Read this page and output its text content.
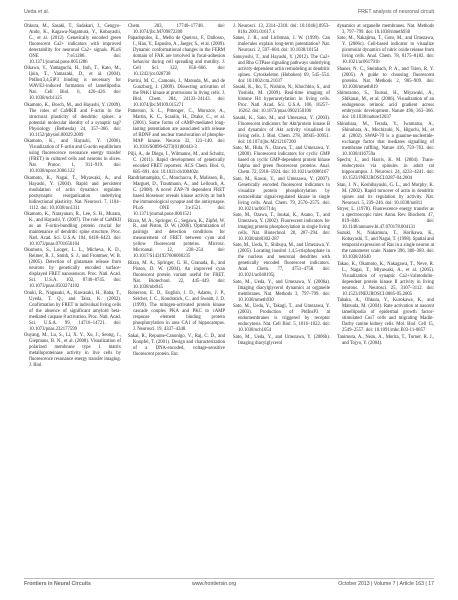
Ueda et al.	FRET analysis of neuronal circuit

Ohkura, M., Sasaki, T., Sadakari, J., Gengyo-Ando, K., Kagawa-Nagamura, Y., Kobayashi, C., et al. (2012). Genetically encoded green fluorescent Ca2+ indicators with improved detectability for neuronal Ca2+ signals. PLoS ONE 7:e51286. doi: 10.1371/journal.pone.0051286

Oikawa, Y., Yamaguchi, H., Itoh, T., Kato, M., Ijuin, T., Yamazaki, D., et al. (2004). PtdIns(3,4,5)P3 binding is necessary for WAVE2-induced formation of lamellipodia. Nat. Cell Biol. 6, 420–426. doi: 10.1038/ncb1125

Okamoto, K., Bosch, M., and Hayashi, Y. (2009). The roles of CaMKII and F-actin in the structural plasticity of dendritic spines: a potential molecular identity of a synaptic tag? Physiology (Bethesda) 24, 357–366. doi: 10.1152/physiol.00029.2009

Okamoto, K., and Hayashi, Y. (2006). Visualization of F-actin and G-actin equilibrium using fluorescence resonance energy transfer (FRET) in cultured cells and neurons in slices. Nat. Protoc. 1, 911–919. doi: 10.1038/nprot.2006.122

Okamoto, K., Nagai, T., Miyawaki, A., and Hayashi, Y. (2004). Rapid and persistent modulation of actin dynamics regulates postsynaptic reorganization underlying bidirectional plasticity. Nat. Neurosci. 7, 1104–1112. doi: 10.1038/nn1311

Okamoto, K., Narayanan, R., Lee, S. H., Murata, K., and Hayashi, Y. (2007). The role of CaMKII as an F-actin-bundling protein crucial for maintenance of dendritic spine structure. Proc. Natl. Acad. Sci. U.S.A. 104, 6418–6423. doi: 10.1073/pnas.0701656104

Okumoto, S., Looger, L. L., Micheva, K. D., Reimer, R. J., Smith, S. J., and Frommer, W. B. (2005). Detection of glutamate release from neurons by genetically encoded surface-displayed FRET nanosensors. Proc. Natl. Acad. Sci. U.S.A. 102, 8740–8745. doi: 10.1073/pnas.0503274102

Onuki, R., Nagasaki, A., Kawasaki, H., Baba, T., Uyeda, T. Q., and Taira, K. (2002). Confirmation by FRET in individual living cells of the absence of significant amyloid beta-mediated caspase 8 activation. Proc. Natl. Acad. Sci. U.S.A. 99, 14716–14721. doi: 10.1073/pnas.232177599

Ouyang, M., Lu, S., Li, X. Y., Xu, J., Seong, J., Giepmans, B. N., et al. (2008). Visualization of polarized membrane type 1 matrix metalloproteinase activity in live cells by fluorescence resonance energy transfer imaging. J. Biol.

Chem. 283, 17740–17748. doi: 10.1074/jbc.M709872200

Papadopulos, E., Mello de Queiroz, F., Dallosso, I., Hao, Y., Esposito, A., Jaeger, S., et al. (2009). Dynamic conformational changes in the FERM domain of FAK are involved in focal-adhesion behavior during cell spreading and motility. J. Cell Sci. 122, 656–666. doi: 10.1242/jcs.028738

Parrini, M. C., Camonis, J., Matsuda, M., and de Gunzburg, J. (2009). Dissecting activation of the PAK1 kinase at protrusions in living cells. J. Biol. Chem. 284, 24133–24143. doi: 10.1074/jbc.M109.015271

Patterson, S. L., Pittenger, C., Morozov, A., Martin, K. C., Scanlin, H., Drake, C., et al. (2001). Some forms of cAMP-mediated long-lasting potentiation are associated with release of BDNF and nuclear translocation of phospho-MAP kinase. Neuron 32, 123–140. doi: 10.1016/S0896-6273(01)00443-3

Pilji, A., de Diego, I., Wilmanns, M., and Schultz, C. (2011). Rapid development of genetically encoded FRET reporters. ACS Chem. Biol. 6, 685–691. doi: 10.1021/cb100402n

Randriamampita, C., Mouchacca, P., Malissen, B., Marguet, D., Trautmann, A., and Lellouch, A. C. (2008). A novel ZAP-70 dependent FRET based biosensor reveals kinase activity at both the immunological synapse and the antisynapse. PLoS ONE 3:e1521. doi: 10.1371/journal.pone.0001521

Rizzo, M. A., Springer, G., Segawa, K., Zipfel, W. R., and Piston, D. W. (2006). Optimization of pairings and detection conditions for measurement of FRET between cyan and yellow fluorescent proteins. Microsc. Microanal. 12, 238–254. doi: 10.1017/S1431927606060235

Rizzo, M. A., Springer, G. H., Granada, B., and Piston, D. W. (2004). An improved cyan fluorescent protein variant useful for FRET. Nat. Biotechnol. 22, 445–449. doi: 10.1038/nbt945

Roberson, E. D., English, J. D., Adams, J. P., Selcher, J. C., Kondratick, C., and Sweatt, J. D. (1999). The mitogen-activated protein kinase cascade couples PKA and PKC to cAMP response element binding protein phosphorylation in area CA1 of hippocampus. J. Neurosci. 19, 4337–4348.

Sakai, R., Repunte-Canonigo, V., Raj, C. D., and Knopfel, T. (2001). Design and characterization of a DNA-encoded, voltage-sensitive fluorescent protein. Eur.

J. Neurosci. 13, 2314–2318. doi: 10.1046/j.0953-816x.2001.01617.x

Sanes, J. R., and Lichtman, J. W. (1999). Can molecules explain long-term potentiation? Nat. Neurosci. 2, 597–604. doi: 10.1038/10154

Sanuyoshi, T., and Hayashi, Y. (2012). The Ca2+ and Rho GTPase signaling pathways underlying activity-dependent actin remodeling at dendritic spines. Cytoskeleton (Hoboken) 69, 545–554. doi: 10.1002/cm.21037

Sasaki, K., Ito, T., Nishino, N., Khochbin, S., and Yoshida, M. (2009). Real-time imaging of histone H4 hyperacetylation in living cells. Proc. Natl. Acad. Sci. U.S.A. 106, 16257–16262. doi: 10.1073/pnas.0902150106

Sasaki, K., Sato, M., and Umezawa, Y. (2003). Fluorescent indicators for Akt/protein kinase B and dynamics of Akt activity visualized in living cells. J. Biol. Chem. 278, 30945–30951. doi: 10.1074/jbc.M212167200

Sato, M., Hida, N., Ozawa, T., and Umezawa, Y. (2000). Fluorescent indicators for cyclic GMP based on cyclic GMP-dependent protein kinase Ialpha and green fluorescent proteins. Anal. Chem. 72, 5918–5924. doi: 10.1021/ac0006167

Sato, M., Kawai, Y., and Umezawa, Y. (2007). Genetically encoded fluorescent indicators to visualize protein phosphorylation by extracellular signal-regulated kinase in single living cells. Anal. Chem. 79, 2570–2575. doi: 10.1021/ac061714q

Sato, M., Ozawa, T., Inukai, K., Asano, T., and Umezawa, Y. (2002). Fluorescent indicators for imaging protein phosphorylation in single living cells. Nat. Biotechnol. 20, 287–294. doi: 10.1038/nbt0302-287

Sato, M., Ueda, Y., Shibuya, M., and Umezawa, Y. (2005). Locating inositol 1,4,5-trisphosphate in the nucleus and neuronal dendrites with genetically encoded fluorescent indicators. Anal. Chem. 77, 4751–4758. doi: 10.1021/ac040195j

Sato, M., Ueda, Y., and Umezawa, Y. (2006a). Imaging diacylglycerol dynamics at organelle membranes. Nat. Methods 3, 797–799. doi: 10.1038/nmeth930

Sato, M., Ueda, Y., Takagi, T., and Umezawa, Y. (2003). Production of PtdInsP3 at endomembranes is triggered by receptor endocytosis. Nat. Cell Biol. 5, 1016–1022. doi: 10.1038/ncb1054

Sato, M., Ueda, Y., and Umezawa, Y. (2006b). Imaging diacylglycerol

dynamics at organelle membranes. Nat. Methods 3, 797–799. doi: 10.1038/nmeth930

Sato, M., Nakajima, T., Goto, M., and Umezawa, Y. (2006c). Cell-based indicator to visualize picomolar dynamics of nitric oxide release from living cells. Anal. Chem. 78, 8175–8182. doi: 10.1021/ac061791b

Shaner, N. C., Steinbach, P. A., and Tsien, R. Y. (2005). A guide to choosing fluorescent proteins. Nat. Methods 2, 905–909. doi: 10.1038/nmeth819

Shimozono, S., Tsutsui, H., Miyawaki, A., Shikanai, M., et al. (2006). Visualization of an endogenous retinoic acid gradient across embryonic development. Nature 496, 363–366. doi: 10.1038/nature12037

Shinohara, M., Terada, Y., Iwamatsu, A., Shinohara, A., Mochizuki, N., Higuchi, M., et al. (2002). SWAP-70 is a guanine-nucleotide-exchange factor that mediates signalling of membrane ruffling. Nature 416, 759–763. doi: 10.1038/416759a

Specht, J., and Harris, K. M. (2004). Trans-endocytosis via spinules in adult rat hippocampus. J. Neurosci. 24, 4233–4241. doi: 10.1523/JNEUROSCI.0287-04.2004

Stan, J. N., Koshibayashi, G. L., and Murphy, K. M. (2002). Rapid turnover of actin in dendritic spines and its regulation by activity. Nat. Neurosci. 5, 239–246. doi: 10.1038/nn811

Stryer, L. (1978). Fluorescence energy transfer as a spectroscopic ruler. Annu. Rev. Biochem. 47, 819–846. doi: 10.1146/annurev.bi.47.070178.004131

Suzuki, N., Nakamura, T., Horikawa, K., Kobayashi, T., and Nagai, T. (1998). Spatial and temporal expression of Ras in a single neuron at the nanometer scale. Nature 396, 380–383. doi: 10.1038/24640

Takao, K., Okamoto, K., Nakagawa, T., Neve, R. L., Nagai, T., Miyawaki, A., et al. (2005). Visualization of synaptic Ca2+/calmodulin-dependent protein kinase II activity in living neurons. J. Neurosci. 25, 3107–3112. doi: 10.1523/JNEUROSCI.0085-05.2005

Tabaka, A., Ohkura, Y., Kurokawa, K., and Matsuda, M. (2004). Rate activation at nascent lamellipodia of epidermal growth factor-stimulated Cos7 cells and migrating Madin-Darby canine kidney cells. Mol. Biol. Cell 15, 2549–2557. doi: 10.1091/mbc.E03-11-0857

Tanimura, A., Nezu, A., Morita, T., Turner, R. J., and Tojyo, Y. (2004).

Frontiers in Neural Circuits	www.frontiersin.org	October 2013 | Volume 7 | Article 163 | 17
